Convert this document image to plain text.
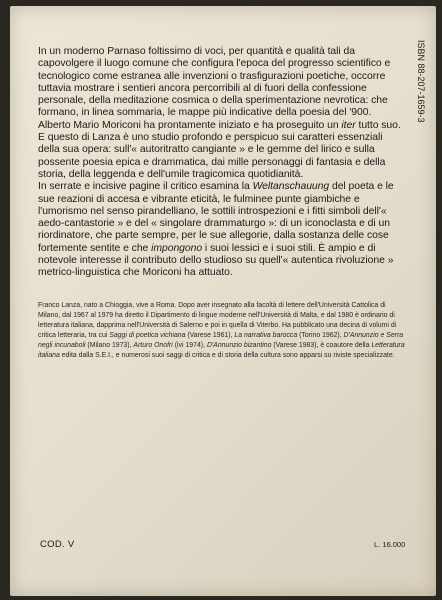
In un moderno Parnaso foltissimo di voci, per quantità e qualità tali da capovolgere il luogo comune che configura l'epoca del progresso scientifico e tecnologico come estranea alle invenzioni o trasfigurazioni poetiche, occorre tuttavia mostrare i sentieri ancora percorribili al di fuori della confessione personale, della meditazione cosmica o della sperimentazione nevrotica: che formano, in linea sommaria, le mappe più indicative della poesia del '900. Alberto Mario Moriconi ha prontamente iniziato e ha proseguito un iter tutto suo. E questo di Lanza è uno studio profondo e perspicuo sui caratteri essenziali della sua opera: sull'« autoritratto cangiante » e le gemme del lirico e sulla possente poesia epica e drammatica, dai mille personaggi di fantasia e della storia, della leggenda e dell'umile tragicomica quotidianità.
In serrate e incisive pagine il critico esamina la Weltanschauung del poeta e le sue reazioni di accesa e vibrante eticità, le fulminee punte giambiche e l'umorismo nel senso pirandelliano, le sottili introspezioni e i fitti simboli dell'« aedo-cantastorie » e del « singolare drammaturgo »: di un iconoclasta e di un riordinatore, che parte sempre, per le sue allegorie, dalla sostanza delle cose fortemente sentite e che impongono i suoi lessici e i suoi stili. È ampio e di notevole interesse il contributo dello studioso su quell'« autentica rivoluzione » metrico-linguistica che Moriconi ha attuato.

ISBN 88-207-1659-3

Franco Lanza, nato a Chioggia, vive a Roma. Dopo aver insegnato alla facoltà di lettere dell'Università Cattolica di Milano, dal 1967 al 1979 ha diretto il Dipartimento di lingue moderne nell'Università di Malta, e dal 1980 è ordinario di letteratura italiana, dapprima nell'Università di Salerno e poi in quella di Viterbo. Ha pubblicato una decina di volumi di critica letteraria, tra cui Saggi di poetica vichiana (Varese 1961), La narrativa barocca (Torino 1962), D'Annunzio e Serra negli incunaboli (Milano 1973), Arturo Onofri (ivi 1974), D'Annunzio bizantino (Varese 1983), è coautore della Letteratura italiana edita dalla S.E.I., e numerosi suoi saggi di critica e di storia della cultura sono apparsi su riviste specializzate.

COD. V	L. 16.000
